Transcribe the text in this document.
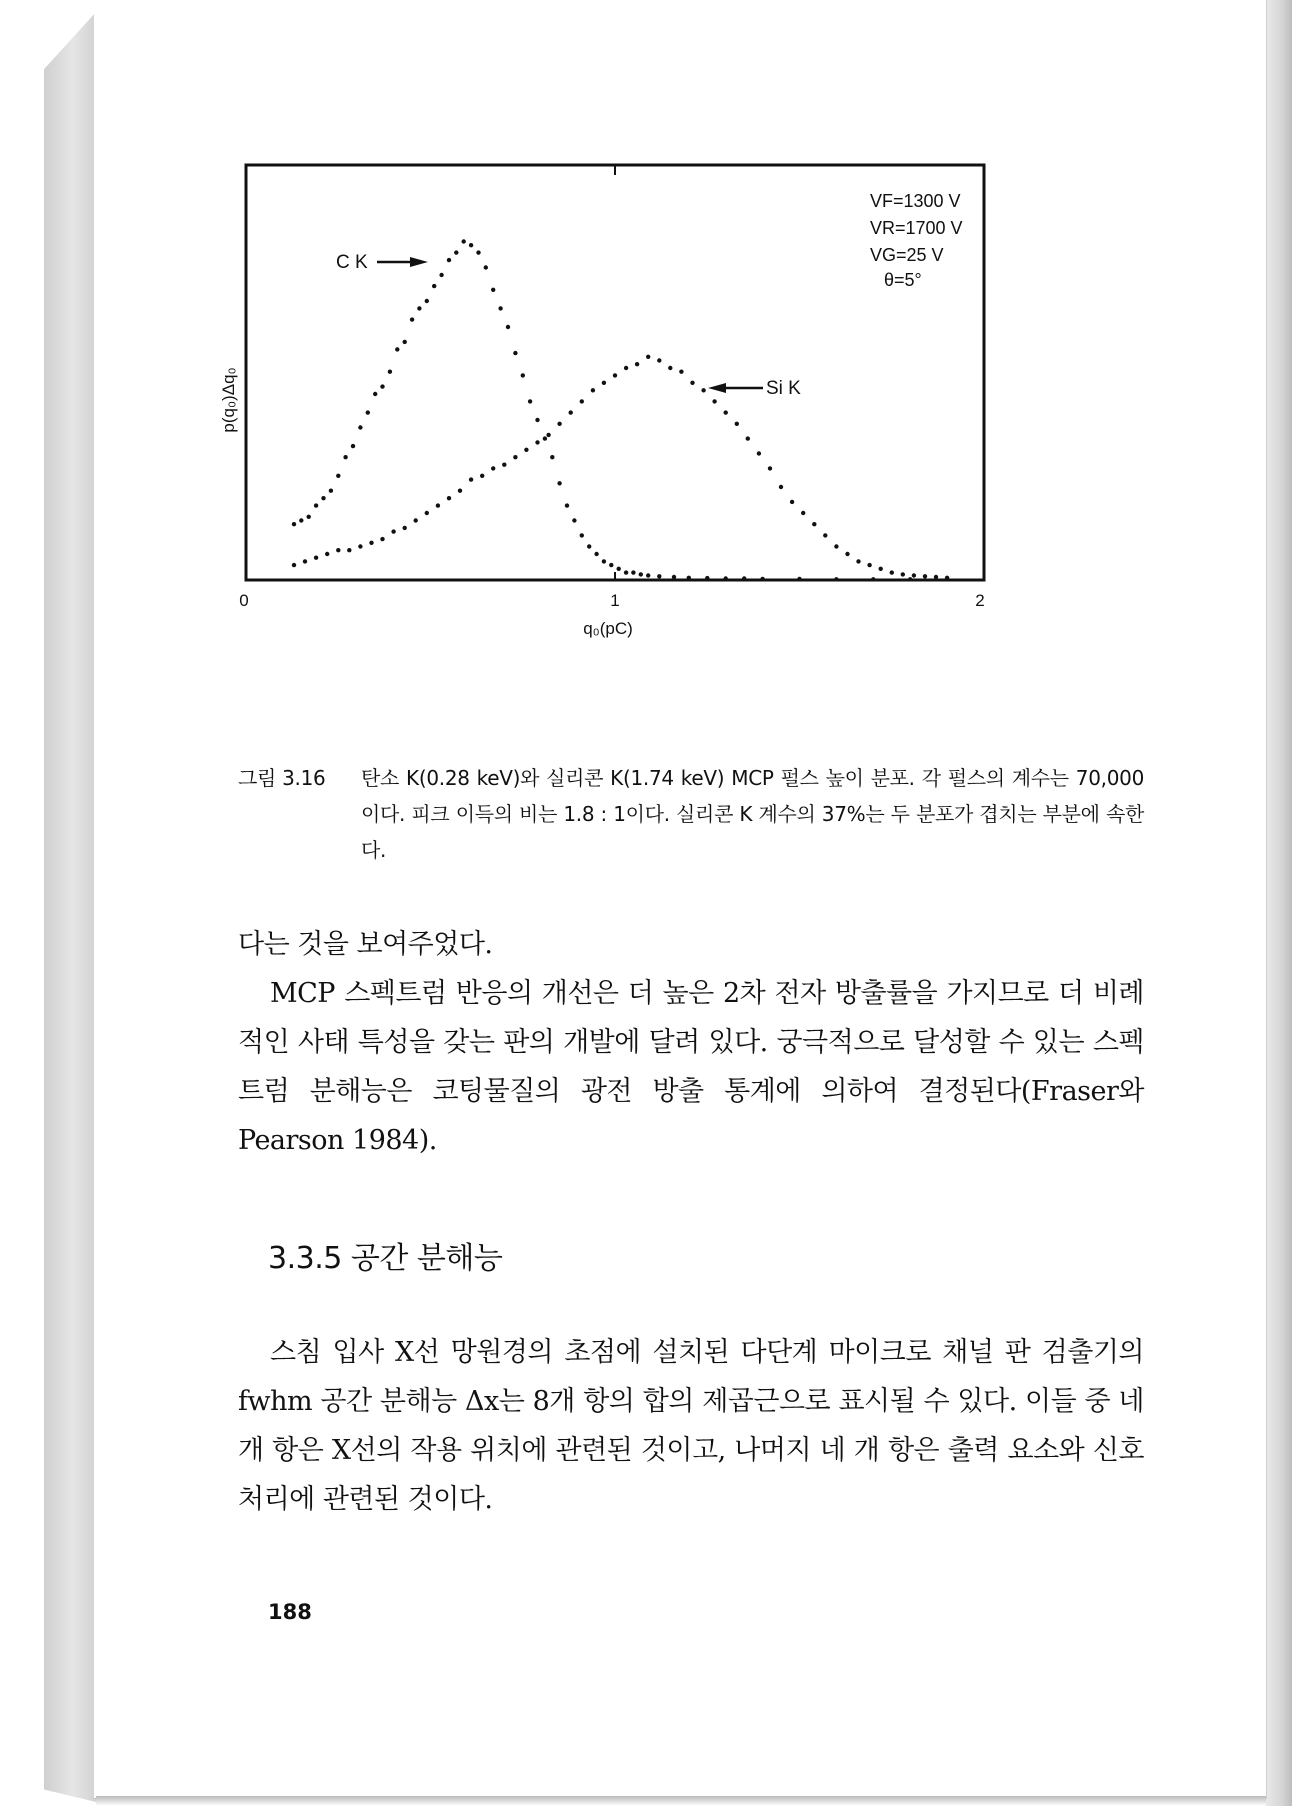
0	1	2
q₀(pC)
p(q₀)Δq₀
VF=1300 V
VR=1700 V
VG=25 V
θ=5°
C K
Si K
그림 3.16 탄소 K(0.28 keV)와 실리콘 K(1.74 keV) MCP 펄스 높이 분포. 각 펄스의 계수는 70,000이다. 피크 이득의 비는 1.8 : 1이다. 실리콘 K 계수의 37%는 두 분포가 겹치는 부분에 속한다.
다는 것을 보여주었다.
MCP 스펙트럼 반응의 개선은 더 높은 2차 전자 방출률을 가지므로 더 비례적인 사태 특성을 갖는 판의 개발에 달려 있다. 궁극적으로 달성할 수 있는 스펙트럼 분해능은 코팅물질의 광전 방출 통계에 의하여 결정된다(Fraser와 Pearson 1984).
3.3.5 공간 분해능
스침 입사 X선 망원경의 초점에 설치된 다단계 마이크로 채널 판 검출기의 fwhm 공간 분해능 Δx는 8개 항의 합의 제곱근으로 표시될 수 있다. 이들 중 네 개 항은 X선의 작용 위치에 관련된 것이고, 나머지 네 개 항은 출력 요소와 신호처리에 관련된 것이다.
188
